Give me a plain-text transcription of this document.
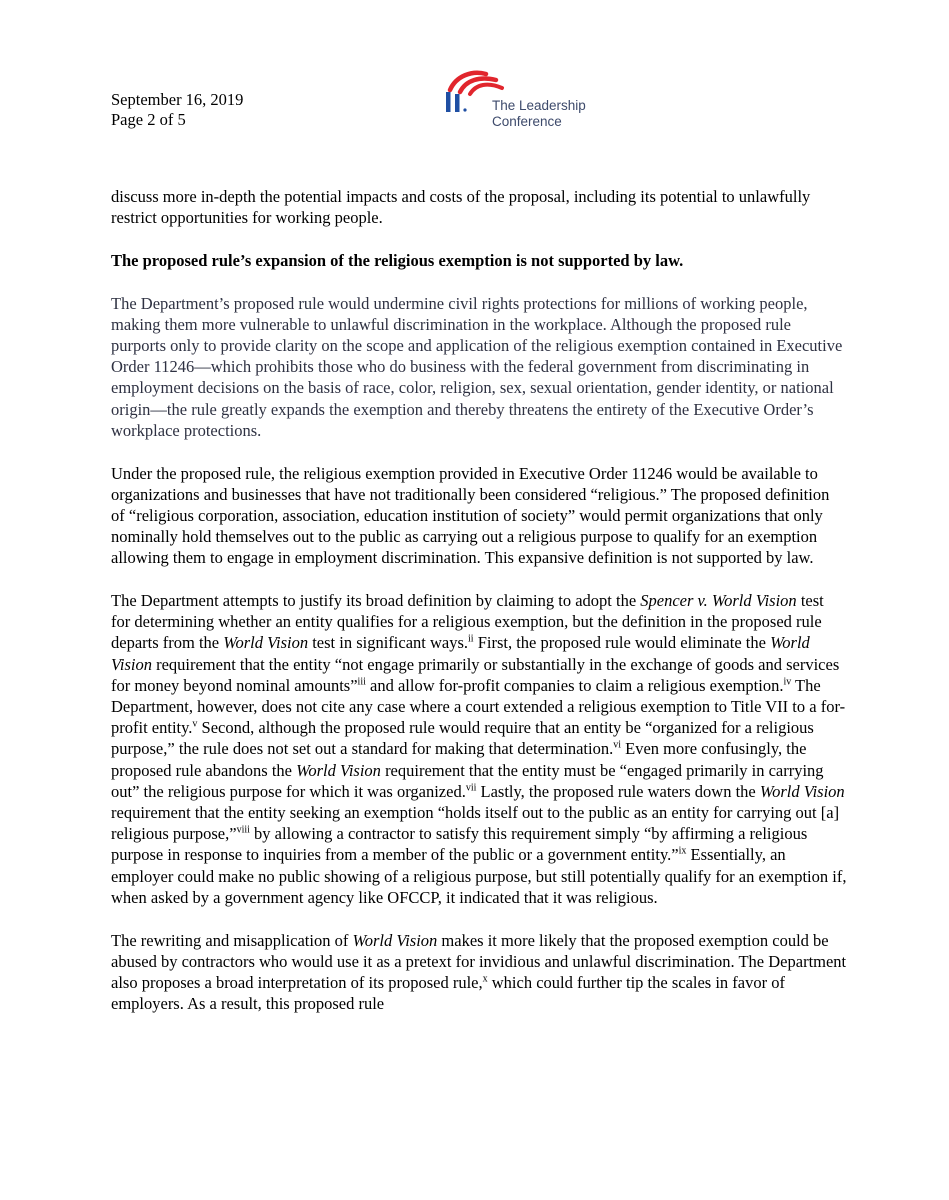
September 16, 2019
Page 2 of 5
The Leadership
Conference

discuss more in-depth the potential impacts and costs of the proposal, including its potential to unlawfully restrict opportunities for working people.

The proposed rule’s expansion of the religious exemption is not supported by law.

The Department’s proposed rule would undermine civil rights protections for millions of working people, making them more vulnerable to unlawful discrimination in the workplace. Although the proposed rule purports only to provide clarity on the scope and application of the religious exemption contained in Executive Order 11246—which prohibits those who do business with the federal government from discriminating in employment decisions on the basis of race, color, religion, sex, sexual orientation, gender identity, or national origin—the rule greatly expands the exemption and thereby threatens the entirety of the Executive Order’s workplace protections.

Under the proposed rule, the religious exemption provided in Executive Order 11246 would be available to organizations and businesses that have not traditionally been considered “religious.” The proposed definition of “religious corporation, association, education institution of society” would permit organizations that only nominally hold themselves out to the public as carrying out a religious purpose to qualify for an exemption allowing them to engage in employment discrimination. This expansive definition is not supported by law.

The Department attempts to justify its broad definition by claiming to adopt the Spencer v. World Vision test for determining whether an entity qualifies for a religious exemption, but the definition in the proposed rule departs from the World Vision test in significant ways.$^{ii}$ First, the proposed rule would eliminate the World Vision requirement that the entity “not engage primarily or substantially in the exchange of goods and services for money beyond nominal amounts”$^{iii}$ and allow for-profit companies to claim a religious exemption.$^{iv}$ The Department, however, does not cite any case where a court extended a religious exemption to Title VII to a for-profit entity.$^v$ Second, although the proposed rule would require that an entity be “organized for a religious purpose,” the rule does not set out a standard for making that determination.$^{vi}$ Even more confusingly, the proposed rule abandons the World Vision requirement that the entity must be “engaged primarily in carrying out” the religious purpose for which it was organized.$^{vii}$ Lastly, the proposed rule waters down the World Vision requirement that the entity seeking an exemption “holds itself out to the public as an entity for carrying out [a] religious purpose,”$^{viii}$ by allowing a contractor to satisfy this requirement simply “by affirming a religious purpose in response to inquiries from a member of the public or a government entity.”$^{ix}$ Essentially, an employer could make no public showing of a religious purpose, but still potentially qualify for an exemption if, when asked by a government agency like OFCCP, it indicated that it was religious.

The rewriting and misapplication of World Vision makes it more likely that the proposed exemption could be abused by contractors who would use it as a pretext for invidious and unlawful discrimination. The Department also proposes a broad interpretation of its proposed rule,$^x$ which could further tip the scales in favor of employers. As a result, this proposed rule
